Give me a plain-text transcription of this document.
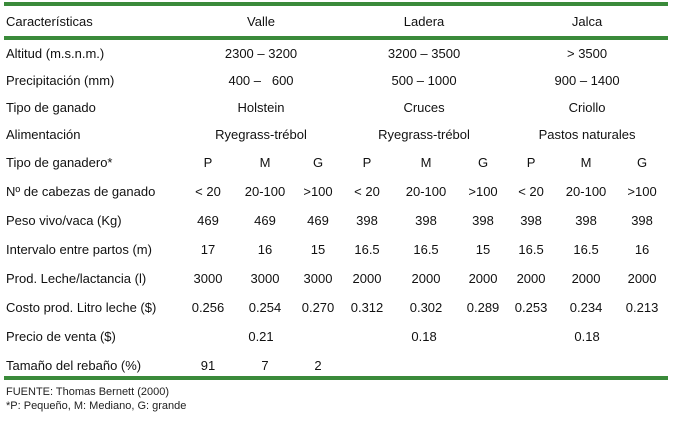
Características	Valle			Ladera			Jalca		

Altitud (m.s.n.m.)	2300 – 3200			3200 – 3500			> 3500		
Precipitación (mm)	400 –   600			500 – 1000			900 – 1400		
Tipo de ganado	Holstein			Cruces			Criollo		
Alimentación	Ryegrass-trébol			Ryegrass-trébol			Pastos naturales		
Tipo de ganadero*	P	M	G	P	M	G	P	M	G
Nº de cabezas de ganado	< 20	20-100	>100	< 20	20-100	>100	< 20	20-100	>100
Peso vivo/vaca (Kg)	469	469	469	398	398	398	398	398	398
Intervalo entre partos (m)	17	16	15	16.5	16.5	15	16.5	16.5	16
Prod. Leche/lactancia (l)	3000	3000	3000	2000	2000	2000	2000	2000	2000
Costo prod. Litro leche ($)	0.256	0.254	0.270	0.312	0.302	0.289	0.253	0.234	0.213
Precio de venta ($)	0.21			0.18			0.18		
Tamaño del rebaño (%)	91	7	2						
FUENTE: Thomas Bernett (2000)
*P: Pequeño, M: Mediano, G: grande
